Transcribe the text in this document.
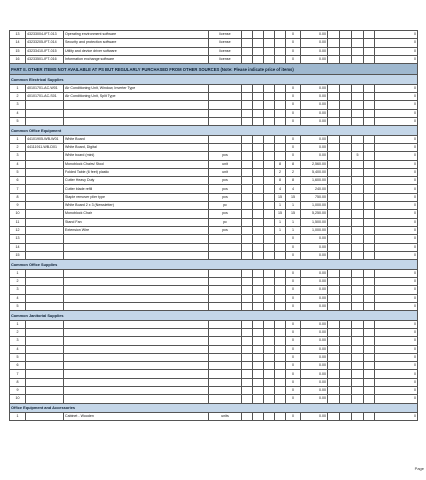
13	43233004-IFT-013	Operating environment software	license					0	0.00					0
14	43233205-IFT-014	Security and protection software	license					0	0.00					0
15	43233410-IFT-015	Utility and device driver software	license					0	0.00					0
16	43233501-IFT-016	Information exchange software	license					0	0.00					0
PART II. OTHER ITEMS NOT AVAILABLE AT PS BUT REGULARLY PURCHASED FROM OTHER SOURCES (Note: Please indicate price of items)														
Common Electrical Supplies														
1	40101701-AC-W01	Air Conditioning Unit, Window, Inverter Type						0	0.00					0
2	40101701-AC-S01	Air Conditioning Unit, Split Type						0	0.00					0
3								0	0.00					0
4								0	0.00					0
5								0	0.00					0
Common Office Equipment														
1	44101905-WB-W01	White Board						0	0.00					0
2	44111911-WB-D01	White Board, Digital						0	0.00					0
3		White board (mini)	pcs					0	0.00			5		0
4		Monoblock Chairs/ Stool	unit				8	8	2,560.00					0
5		Folded Table (6 feet) plastic	unit				2	2	5,400.00					0
6		Cutter Heavy Duty	pcs				8	8	1,600.00					0
7		Cutter blade refill	pcs				4	4	240.00					0
8		Staple remover plier type	pcs				15	15	750.00					0
9		White Board 2 x 3 (Newsletter)	pc				1	1	1,000.00					0
10		Monoblock Chair	pcs				15	15	5,250.00					0
11		Stand Fan	pc				1	1	1,500.00					0
12		Extension Wire	pcs				1	1	1,000.00					0
13								0	0.00					0
14								0	0.00					0
15								0	0.00					0
Common Office Supplies														
1								0	0.00					0
2								0	0.00					0
3								0	0.00					0
4								0	0.00					0
5								0	0.00					0
Common Janitorial Supplies														
1								0	0.00					0
2								0	0.00					0
3								0	0.00					0
4								0	0.00					0
5								0	0.00					0
6								0	0.00					0
7								0	0.00					0
8								0	0.00					0
9								0	0.00					0
10								0	0.00					0
Office Equipment and Accessories														
1		Cabinet - Wooden	units					0	0.00					0
Page
